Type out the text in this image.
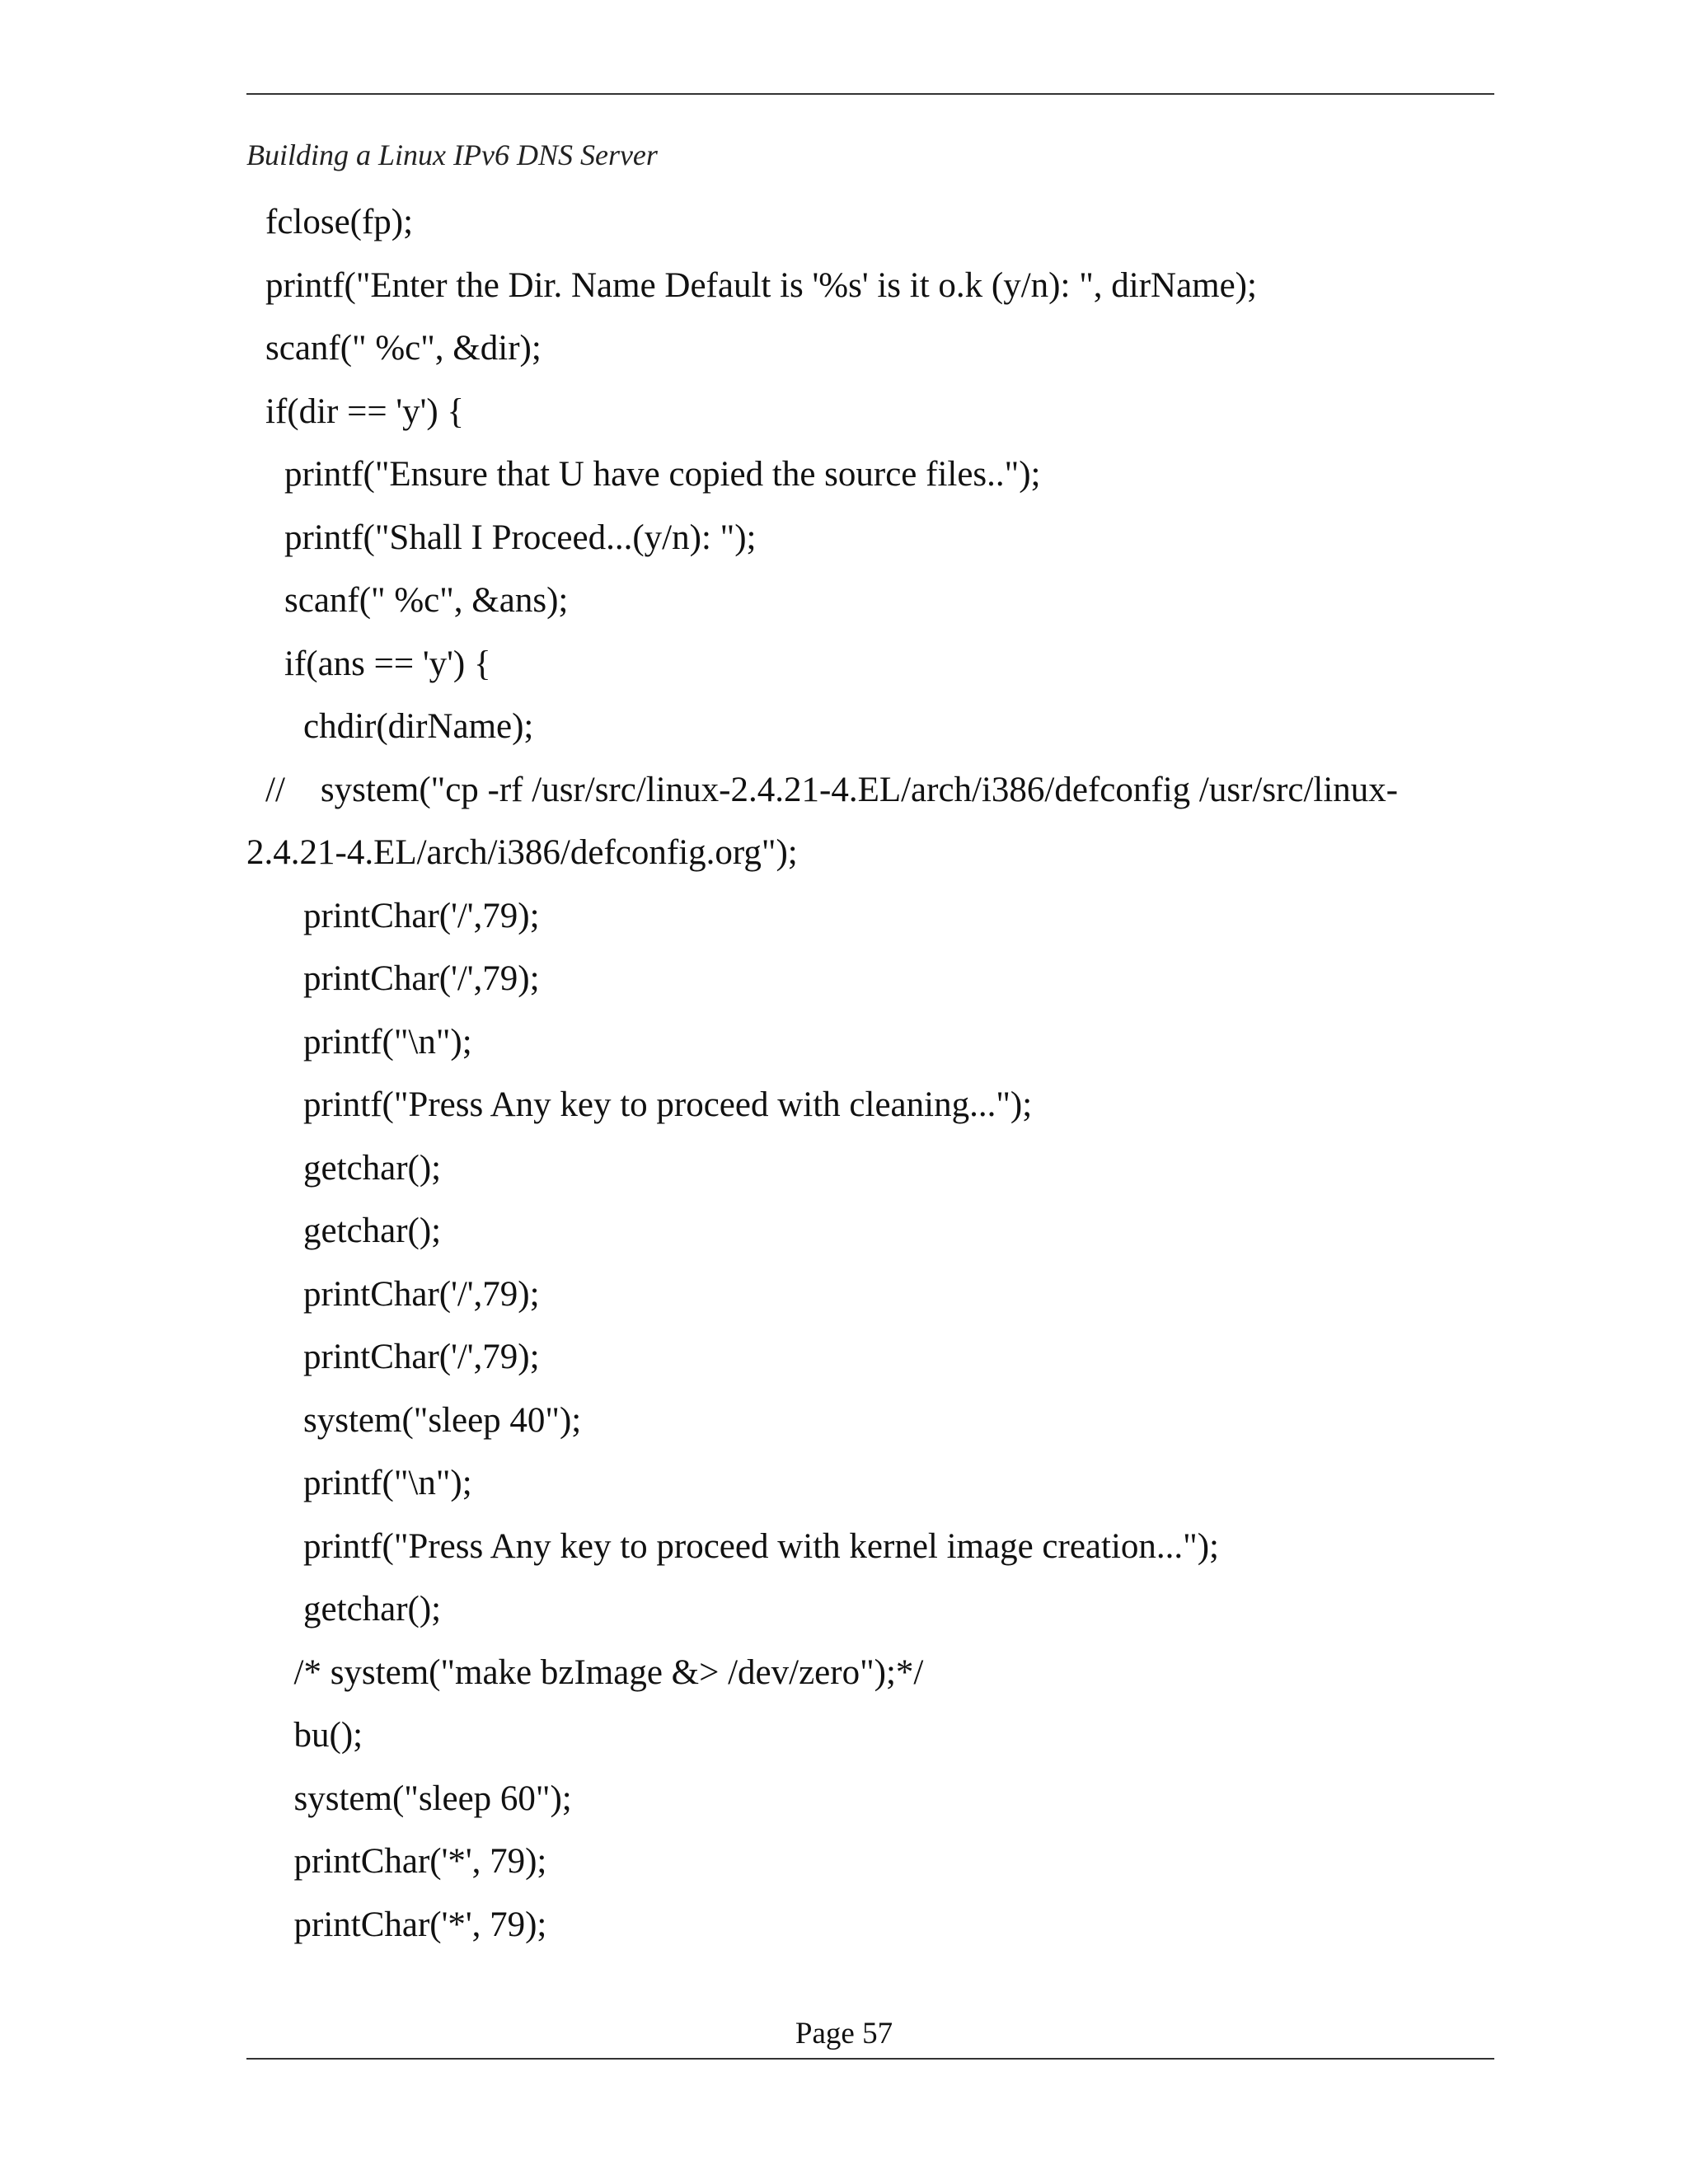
Building a Linux IPv6 DNS Server
fclose(fp);
printf("Enter the Dir. Name Default is '%s' is it o.k (y/n): ", dirName);
scanf(" %c", &dir);
if(dir == 'y') {
printf("Ensure that U have copied the source files..");
printf("Shall I Proceed...(y/n): ");
scanf(" %c", &ans);
if(ans == 'y') {
chdir(dirName);
//    system("cp -rf /usr/src/linux-2.4.21-4.EL/arch/i386/defconfig /usr/src/linux-
2.4.21-4.EL/arch/i386/defconfig.org");
printChar('/',79);
printChar('/',79);
printf("\n");
printf("Press Any key to proceed with cleaning...");
getchar();
getchar();
printChar('/',79);
printChar('/',79);
system("sleep 40");
printf("\n");
printf("Press Any key to proceed with kernel image creation...");
getchar();
/* system("make bzImage &> /dev/zero");*/
bu();
system("sleep 60");
printChar('*', 79);
printChar('*', 79);
Page 57
